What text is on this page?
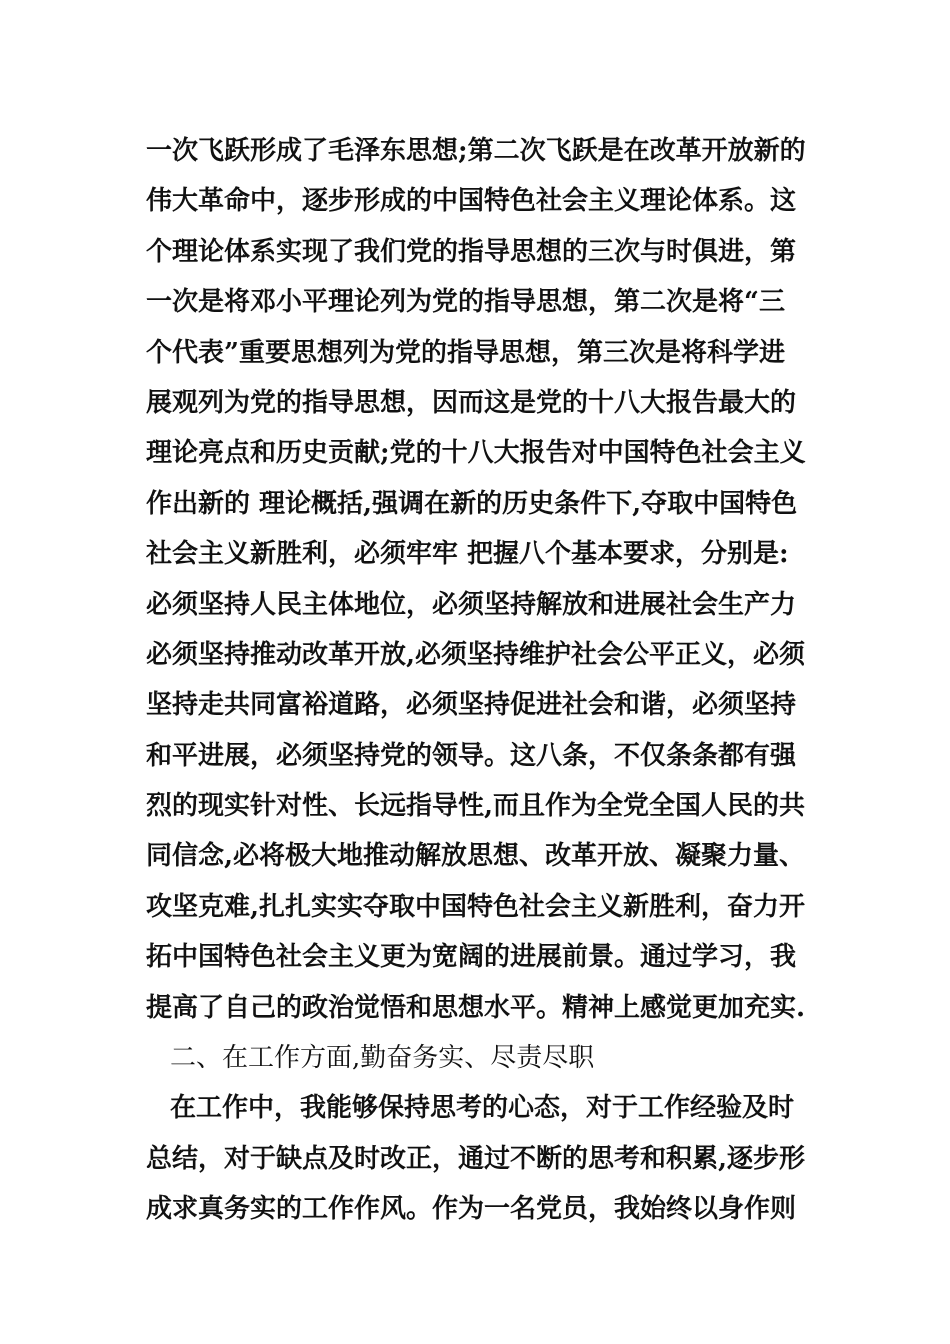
一次飞跃形成了毛泽东思想;第二次飞跃是在改革开放新的
伟大革命中，逐步形成的中国特色社会主义理论体系。这
个理论体系实现了我们党的指导思想的三次与时俱进，第
一次是将邓小平理论列为党的指导思想，第二次是将“三
个代表”重要思想列为党的指导思想，第三次是将科学进
展观列为党的指导思想，因而这是党的十八大报告最大的
理论亮点和历史贡献;党的十八大报告对中国特色社会主义
作出新的 理论概括,强调在新的历史条件下,夺取中国特色
社会主义新胜利，必须牢牢 把握八个基本要求，分别是:
必须坚持人民主体地位，必须坚持解放和进展社会生产力
必须坚持推动改革开放,必须坚持维护社会公平正义，必须
坚持走共同富裕道路，必须坚持促进社会和谐，必须坚持
和平进展，必须坚持党的领导。这八条，不仅条条都有强
烈的现实针对性、长远指导性,而且作为全党全国人民的共
同信念,必将极大地推动解放思想、改革开放、凝聚力量、
攻坚克难,扎扎实实夺取中国特色社会主义新胜利，奋力开
拓中国特色社会主义更为宽阔的进展前景。通过学习，我
提高了自己的政治觉悟和思想水平。精神上感觉更加充实.
二、在工作方面,勤奋务实、尽责尽职
在工作中，我能够保持思考的心态，对于工作经验及时
总结，对于缺点及时改正，通过不断的思考和积累,逐步形
成求真务实的工作作风。作为一名党员，我始终以身作则
